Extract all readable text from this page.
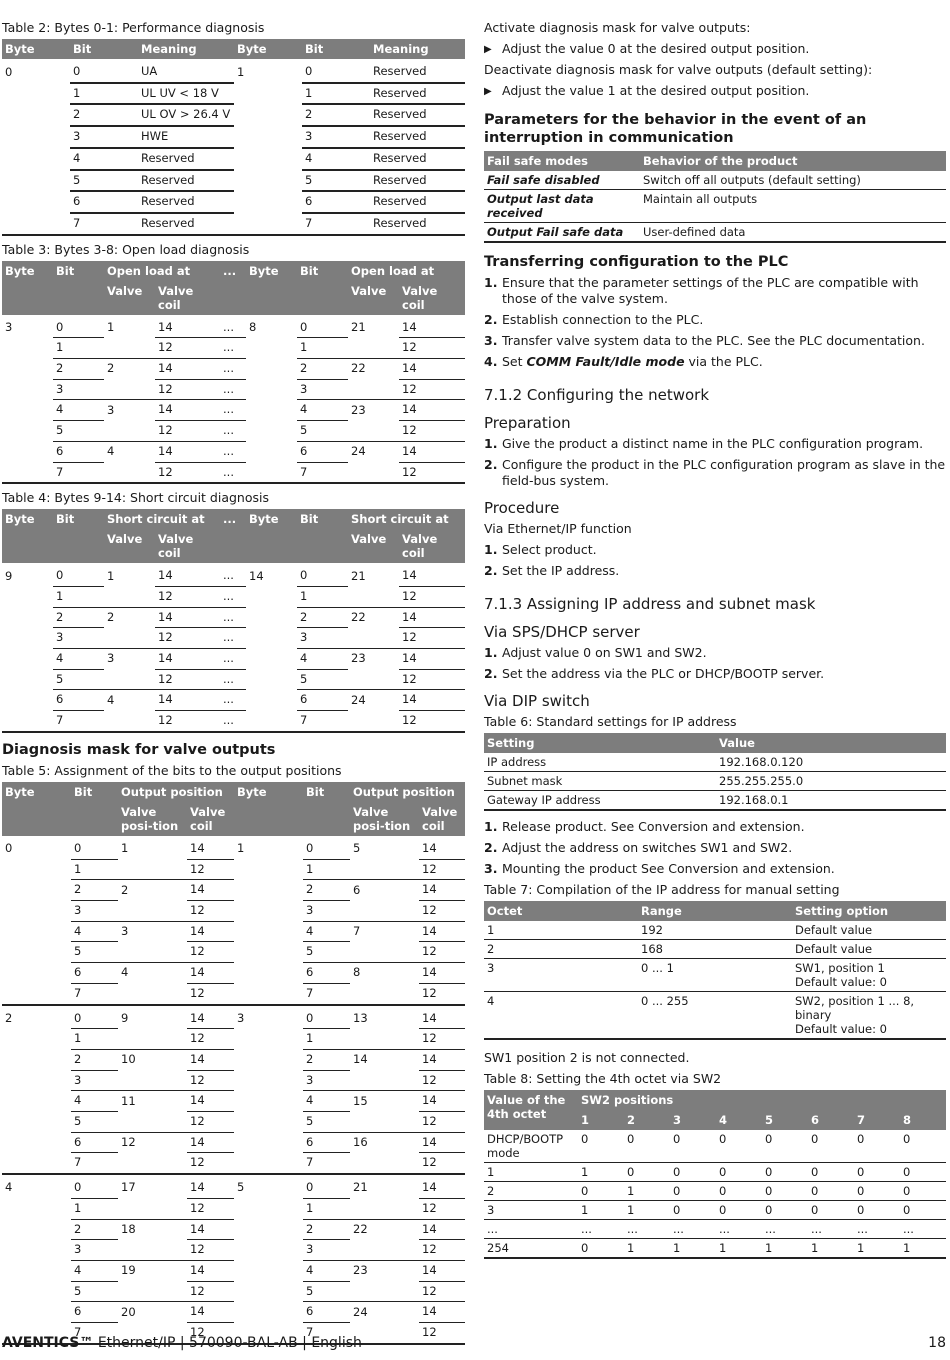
Table 2: Bytes 0-1: Performance diagnosis
Byte	Bit	Meaning	Byte	Bit	Meaning
0	0	UA	1	0	Reserved
	1	UL UV < 18 V		1	Reserved
	2	UL OV > 26.4 V		2	Reserved
	3	HWE		3	Reserved
	4	Reserved		4	Reserved
	5	Reserved		5	Reserved
	6	Reserved		6	Reserved
	7	Reserved		7	Reserved
Table 3: Bytes 3-8: Open load diagnosis
Byte	Bit	Open load at		...	Byte	Bit	Open load at	
		Valve	Valve coil				Valve	Valve coil
3	0	1	14	...	8	0	21	14
	1		12	...		1		12
	2	2	14	...		2	22	14
	3		12	...		3		12
	4	3	14	...		4	23	14
	5		12	...		5		12
	6	4	14	...		6	24	14
	7		12	...		7		12
Table 4: Bytes 9-14: Short circuit diagnosis
Byte	Bit	Short circuit at		...	Byte	Bit	Short circuit at	
		Valve	Valve coil				Valve	Valve coil
9	0	1	14	...	14	0	21	14
	1		12	...		1		12
	2	2	14	...		2	22	14
	3		12	...		3		12
	4	3	14	...		4	23	14
	5		12	...		5		12
	6	4	14	...		6	24	14
	7		12	...		7		12
Diagnosis mask for valve outputs
Table 5: Assignment of the bits to the output positions
Byte	Bit	Output position		Byte	Bit	Output position	
		Valve posi-tion	Valve coil			Valve posi-tion	Valve coil
0	0	1	14	1	0	5	14
	1		12		1		12
	2	2	14		2	6	14
	3		12		3		12
	4	3	14		4	7	14
	5		12		5		12
	6	4	14		6	8	14
	7		12		7		12
2	0	9	14	3	0	13	14
	1		12		1		12
	2	10	14		2	14	14
	3		12		3		12
	4	11	14		4	15	14
	5		12		5		12
	6	12	14		6	16	14
	7		12		7		12
4	0	17	14	5	0	21	14
	1		12		1		12
	2	18	14		2	22	14
	3		12		3		12
	4	19	14		4	23	14
	5		12		5		12
	6	20	14		6	24	14
	7		12		7		12
Activate diagnosis mask for valve outputs:
▶ Adjust the value 0 at the desired output position.
Deactivate diagnosis mask for valve outputs (default setting):
▶ Adjust the value 1 at the desired output position.
Parameters for the behavior in the event of an interruption in communication
Fail safe modes	Behavior of the product
Fail safe disabled	Switch off all outputs (default setting)
Output last data received	Maintain all outputs
Output Fail safe data	User-defined data
Transferring configuration to the PLC
1. Ensure that the parameter settings of the PLC are compatible with those of the valve system.
2. Establish connection to the PLC.
3. Transfer valve system data to the PLC. See the PLC documentation.
4. Set COMM Fault/Idle mode via the PLC.
7.1.2 Configuring the network
Preparation
1. Give the product a distinct name in the PLC configuration program.
2. Configure the product in the PLC configuration program as slave in the field-bus system.
Procedure
Via Ethernet/IP function
1. Select product.
2. Set the IP address.
7.1.3 Assigning IP address and subnet mask
Via SPS/DHCP server
1. Adjust value 0 on SW1 and SW2.
2. Set the address via the PLC or DHCP/BOOTP server.
Via DIP switch
Table 6: Standard settings for IP address
Setting	Value
IP address	192.168.0.120
Subnet mask	255.255.255.0
Gateway IP address	192.168.0.1
1. Release product. See Conversion and extension.
2. Adjust the address on switches SW1 and SW2.
3. Mounting the product See Conversion and extension.
Table 7: Compilation of the IP address for manual setting
Octet	Range	Setting option
1	192	Default value

2	168	Default value

3	0 ... 1	SW1, position 1
Default value: 0

4	0 ... 255	SW2, position 1 ... 8, binary
Default value: 0
SW1 position 2 is not connected.
Table 8: Setting the 4th octet via SW2
Value of the 4th octet	SW2 positions							
	1	2	3	4	5	6	7	8
DHCP/BOOTP mode	0	0	0	0	0	0	0	0
1	1	0	0	0	0	0	0	0
2	0	1	0	0	0	0	0	0
3	1	1	0	0	0	0	0	0
...	...	...	...	...	...	...	...	...
254	0	1	1	1	1	1	1	1
AVENTICS™ Ethernet/IP | 570090-BAL-AB | English	18
